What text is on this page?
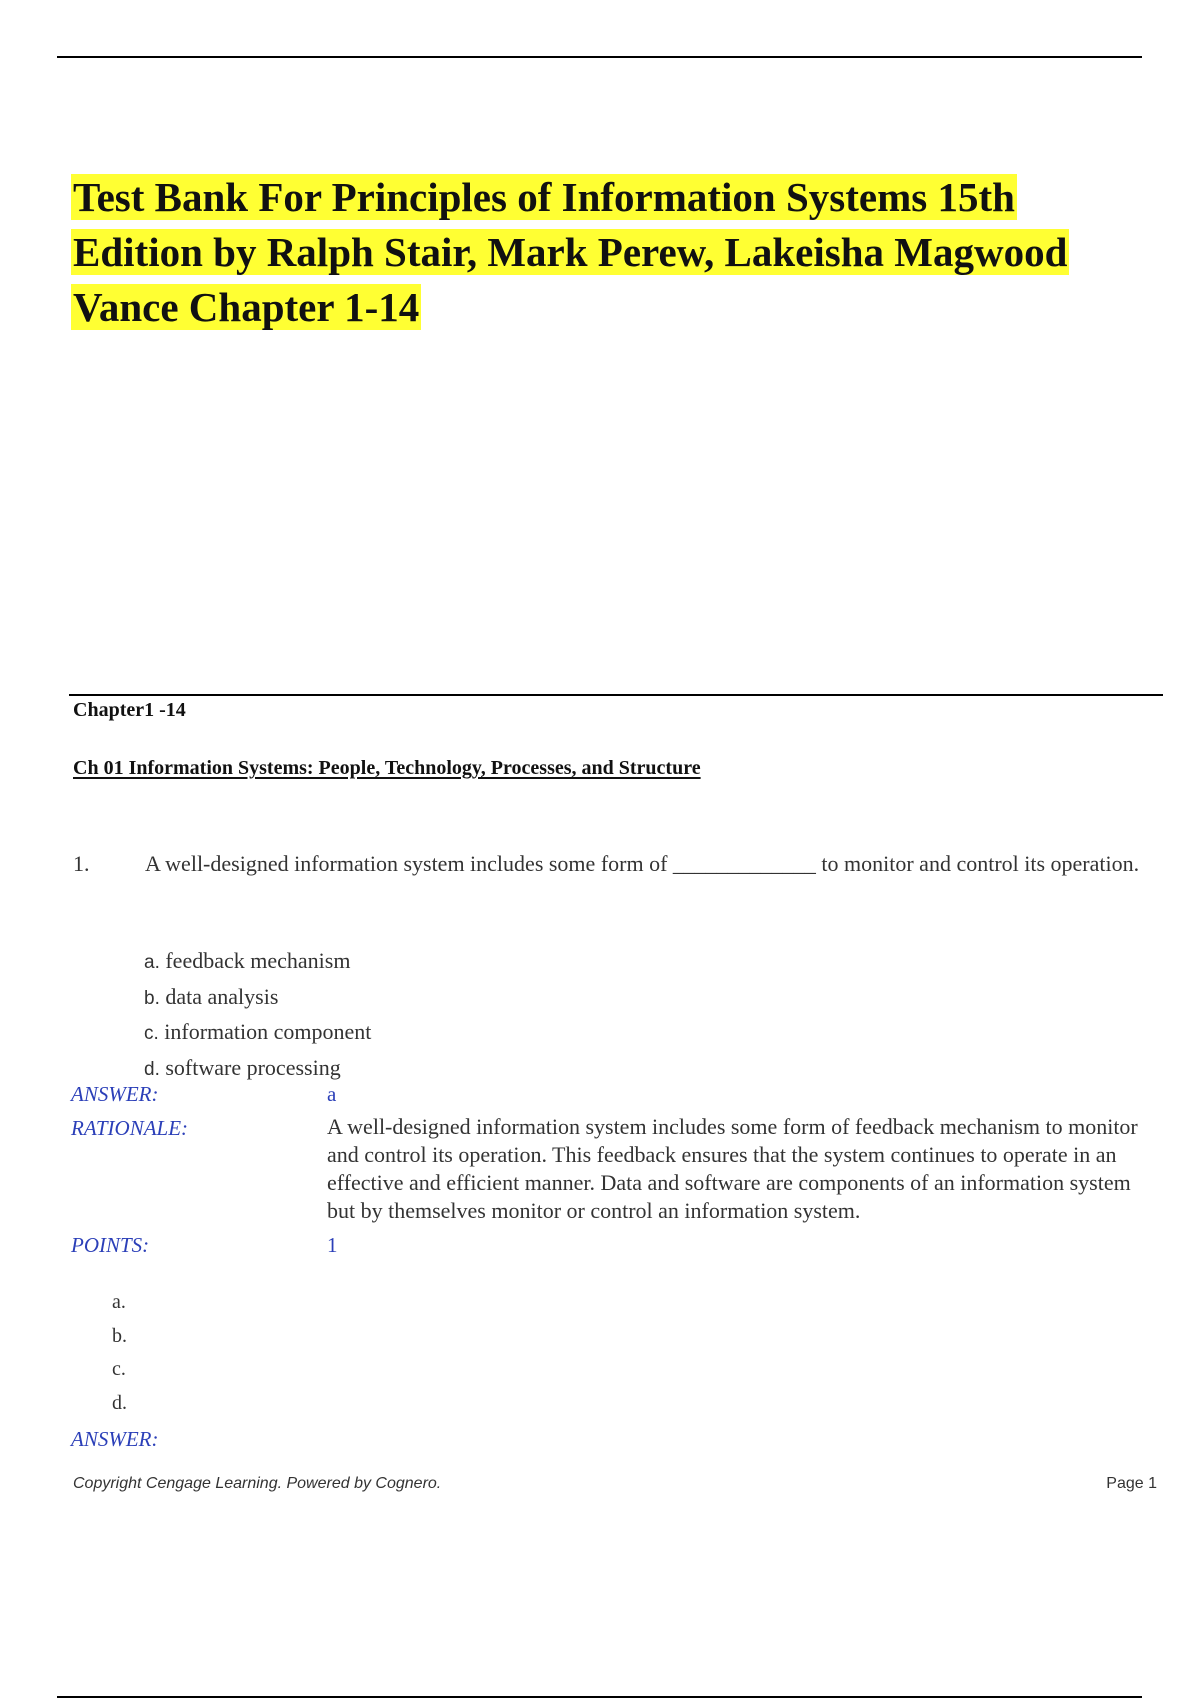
Test Bank For Principles of Information Systems 15th
Edition by Ralph Stair, Mark Perew, Lakeisha Magwood
Vance Chapter 1-14
Chapter1 -14
Ch 01 Information Systems: People, Technology, Processes, and Structure
1.	A well-designed information system includes some form of _____________ to monitor and control its operation.
a. feedback mechanism
b. data analysis
c. information component
d. software processing
ANSWER:	a
RATIONALE:	A well-designed information system includes some form of feedback mechanism to monitor and control its operation. This feedback ensures that the system continues to operate in an effective and efficient manner. Data and software are components of an information system but by themselves monitor or control an information system.
POINTS:	1
a.
b.
c.
d.
ANSWER:
Copyright Cengage Learning. Powered by Cognero.	Page 1
